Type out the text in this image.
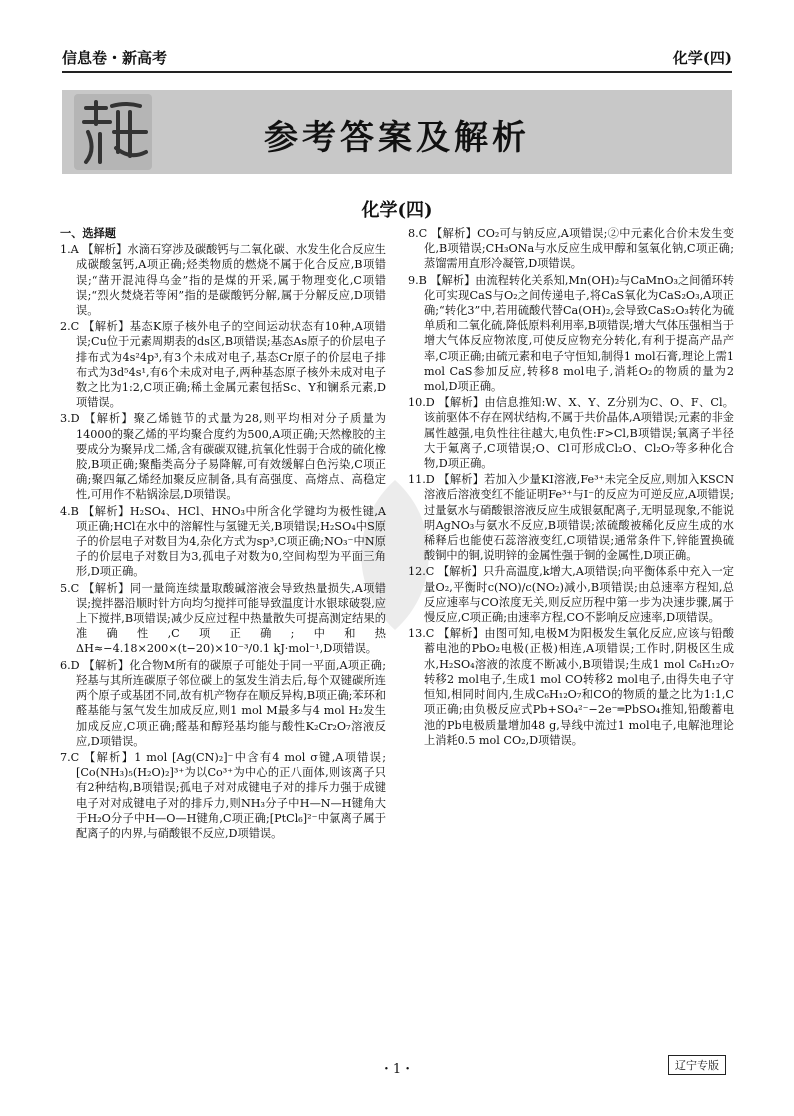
信息卷・新高考	化学(四)
参考答案及解析
化学(四)
一、选择题
1.A 【解析】水滴石穿涉及碳酸钙与二氧化碳、水发生化合反应生成碳酸氢钙,A项正确;烃类物质的燃烧不属于化合反应,B项错误;“凿开混沌得乌金”指的是煤的开采,属于物理变化,C项错误;“烈火焚烧若等闲”指的是碳酸钙分解,属于分解反应,D项错误。
2.C 【解析】基态K原子核外电子的空间运动状态有10种,A项错误;Cu位于元素周期表的ds区,B项错误;基态As原子的价层电子排布式为4s²4p³,有3个未成对电子,基态Cr原子的价层电子排布式为3d⁵4s¹,有6个未成对电子,两种基态原子核外未成对电子数之比为1:2,C项正确;稀土金属元素包括Sc、Y和镧系元素,D项错误。
3.D 【解析】聚乙烯链节的式量为28,则平均相对分子质量为14000的聚乙烯的平均聚合度约为500,A项正确;天然橡胶的主要成分为聚异戊二烯,含有碳碳双键,抗氧化性弱于合成的硫化橡胶,B项正确;聚酯类高分子易降解,可有效缓解白色污染,C项正确;聚四氟乙烯经加聚反应制备,具有高强度、高熔点、高稳定性,可用作不粘锅涂层,D项错误。
4.B 【解析】H₂SO₄、HCl、HNO₃中所含化学键均为极性键,A项正确;HCl在水中的溶解性与氢键无关,B项错误;H₂SO₄中S原子的价层电子对数目为4,杂化方式为sp³,C项正确;NO₃⁻中N原子的价层电子对数目为3,孤电子对数为0,空间构型为平面三角形,D项正确。
5.C 【解析】同一量筒连续量取酸碱溶液会导致热量损失,A项错误;搅拌器沿顺时针方向均匀搅拌可能导致温度计水银球破裂,应上下搅拌,B项错误;减少反应过程中热量散失可提高测定结果的准确性,C项正确;中和热ΔH≈−4.18×200×(t−20)×10⁻³/0.1 kJ·mol⁻¹,D项错误。
6.D 【解析】化合物M所有的碳原子可能处于同一平面,A项正确;羟基与其所连碳原子邻位碳上的氢发生消去后,每个双键碳所连两个原子或基团不同,故有机产物存在顺反异构,B项正确;苯环和醛基能与氢气发生加成反应,则1 mol M最多与4 mol H₂发生加成反应,C项正确;醛基和醇羟基均能与酸性K₂Cr₂O₇溶液反应,D项错误。
7.C 【解析】1 mol [Ag(CN)₂]⁻中含有4 mol σ键,A项错误;[Co(NH₃)₅(H₂O)₂]³⁺为以Co³⁺为中心的正八面体,则该离子只有2种结构,B项错误;孤电子对对成键电子对的排斥力强于成键电子对对成键电子对的排斥力,则NH₃分子中H—N—H键角大于H₂O分子中H—O—H键角,C项正确;[PtCl₆]²⁻中氯离子属于配离子的内界,与硝酸银不反应,D项错误。
8.C 【解析】CO₂可与钠反应,A项错误;②中元素化合价未发生变化,B项错误;CH₃ONa与水反应生成甲醇和氢氧化钠,C项正确;蒸馏需用直形冷凝管,D项错误。
9.B 【解析】由流程转化关系知,Mn(OH)₂与CaMnO₃之间循环转化可实现CaS与O₂之间传递电子,将CaS氧化为CaS₂O₃,A项正确;“转化3”中,若用硫酸代替Ca(OH)₂,会导致CaS₂O₃转化为硫单质和二氧化硫,降低原料利用率,B项错误;增大气体压强相当于增大气体反应物浓度,可使反应物充分转化,有利于提高产品产率,C项正确;由硫元素和电子守恒知,制得1 mol石膏,理论上需1 mol CaS参加反应,转移8 mol电子,消耗O₂的物质的量为2 mol,D项正确。
10.D 【解析】由信息推知:W、X、Y、Z分别为C、O、F、Cl。该前驱体不存在网状结构,不属于共价晶体,A项错误;元素的非金属性越强,电负性往往越大,电负性:F>Cl,B项错误;氧离子半径大于氟离子,C项错误;O、Cl可形成Cl₂O、Cl₂O₇等多种化合物,D项正确。
11.D 【解析】若加入少量KI溶液,Fe³⁺未完全反应,则加入KSCN溶液后溶液变红不能证明Fe³⁺与I⁻的反应为可逆反应,A项错误;过量氨水与硝酸银溶液反应生成银氨配离子,无明显现象,不能说明AgNO₃与氨水不反应,B项错误;浓硫酸被稀化反应生成的水稀释后也能使石蕊溶液变红,C项错误;通常条件下,锌能置换硫酸铜中的铜,说明锌的金属性强于铜的金属性,D项正确。
12.C 【解析】只升高温度,k增大,A项错误;向平衡体系中充入一定量O₂,平衡时c(NO)/c(NO₂)减小,B项错误;由总速率方程知,总反应速率与CO浓度无关,则反应历程中第一步为决速步骤,属于慢反应,C项正确;由速率方程,CO不影响反应速率,D项错误。
13.C 【解析】由图可知,电极M为阳极发生氧化反应,应该与铅酸蓄电池的PbO₂电极(正极)相连,A项错误;工作时,阴极区生成水,H₂SO₄溶液的浓度不断减小,B项错误;生成1 mol C₆H₁₂O₇转移2 mol电子,生成1 mol CO转移2 mol电子,由得失电子守恒知,相同时间内,生成C₆H₁₂O₇和CO的物质的量之比为1:1,C项正确;由负极反应式Pb+SO₄²⁻−2e⁻═PbSO₄推知,铅酸蓄电池的Pb电极质量增加48 g,导线中流过1 mol电子,电解池理论上消耗0.5 mol CO₂,D项错误。
・1・	辽宁专版
